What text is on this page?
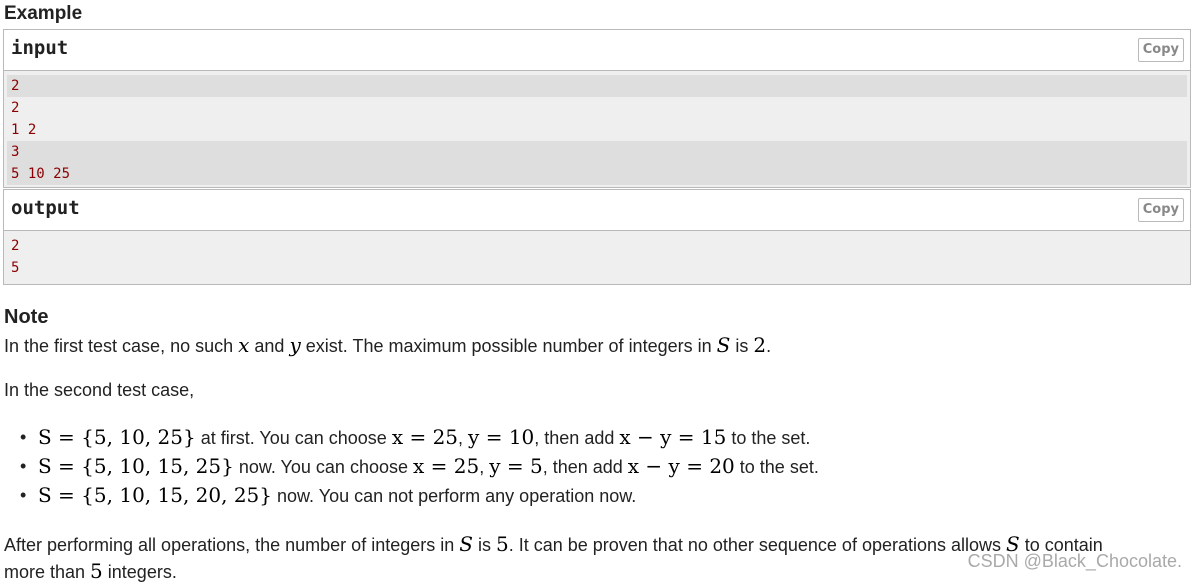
Example
input	Copy
2
2
1 2
3
5 10 25
output	Copy
2
5
Note
In the first test case, no such x and y exist. The maximum possible number of integers in S is 2.
In the second test case,
• S = {5, 10, 25} at first. You can choose x = 25, y = 10, then add x − y = 15 to the set.
• S = {5, 10, 15, 25} now. You can choose x = 25, y = 5, then add x − y = 20 to the set.
• S = {5, 10, 15, 20, 25} now. You can not perform any operation now.
After performing all operations, the number of integers in S is 5. It can be proven that no other sequence of operations allows S to contain
more than 5 integers.
CSDN @Black_Chocolate.
